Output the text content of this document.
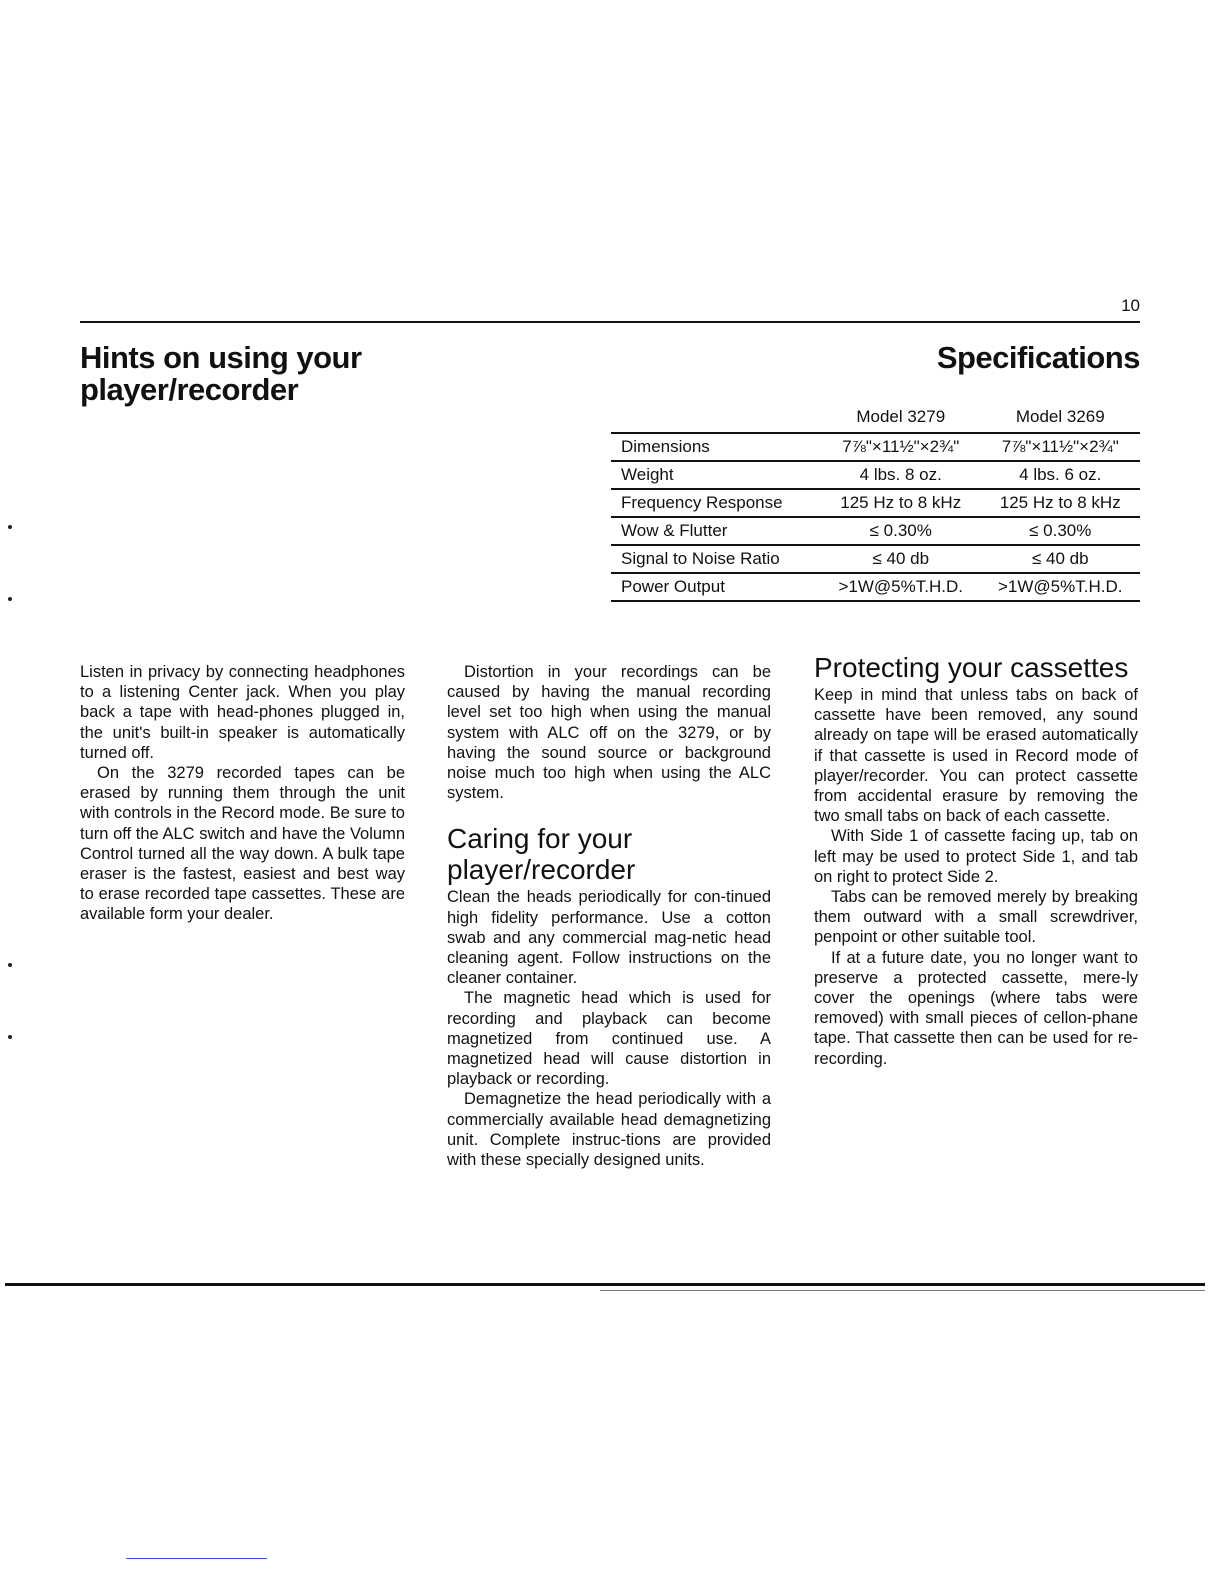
10
Hints on using your player/recorder
Specifications
	Model 3279	Model 3269
Dimensions	7⅞"×11½"×2¾"	7⅞"×11½"×2¾"
Weight	4 lbs. 8 oz.	4 lbs. 6 oz.
Frequency Response	125 Hz to 8 kHz	125 Hz to 8 kHz
Wow & Flutter	≤ 0.30%	≤ 0.30%
Signal to Noise Ratio	≤ 40 db	≤ 40 db
Power Output	>1W@5%T.H.D.	>1W@5%T.H.D.

Listen in privacy by connecting headphones to a listening Center jack. When you play back a tape with head-phones plugged in, the unit's built-in speaker is automatically turned off.

On the 3279 recorded tapes can be erased by running them through the unit with controls in the Record mode. Be sure to turn off the ALC switch and have the Volumn Control turned all the way down. A bulk tape eraser is the fastest, easiest and best way to erase recorded tape cassettes. These are available form your dealer.

Distortion in your recordings can be caused by having the manual recording level set too high when using the manual system with ALC off on the 3279, or by having the sound source or background noise much too high when using the ALC system.

Caring for your player/recorder

Clean the heads periodically for con-tinued high fidelity performance. Use a cotton swab and any commercial mag-netic head cleaning agent. Follow instructions on the cleaner container.

The magnetic head which is used for recording and playback can become magnetized from continued use. A magnetized head will cause distortion in playback or recording.

Demagnetize the head periodically with a commercially available head demagnetizing unit. Complete instruc-tions are provided with these specially designed units.

Protecting your cassettes

Keep in mind that unless tabs on back of cassette have been removed, any sound already on tape will be erased automatically if that cassette is used in Record mode of player/recorder. You can protect cassette from accidental erasure by removing the two small tabs on back of each cassette.

With Side 1 of cassette facing up, tab on left may be used to protect Side 1, and tab on right to protect Side 2.

Tabs can be removed merely by breaking them outward with a small screwdriver, penpoint or other suitable tool.

If at a future date, you no longer want to preserve a protected cassette, mere-ly cover the openings (where tabs were removed) with small pieces of cellon-phane tape. That cassette then can be used for re-recording.
